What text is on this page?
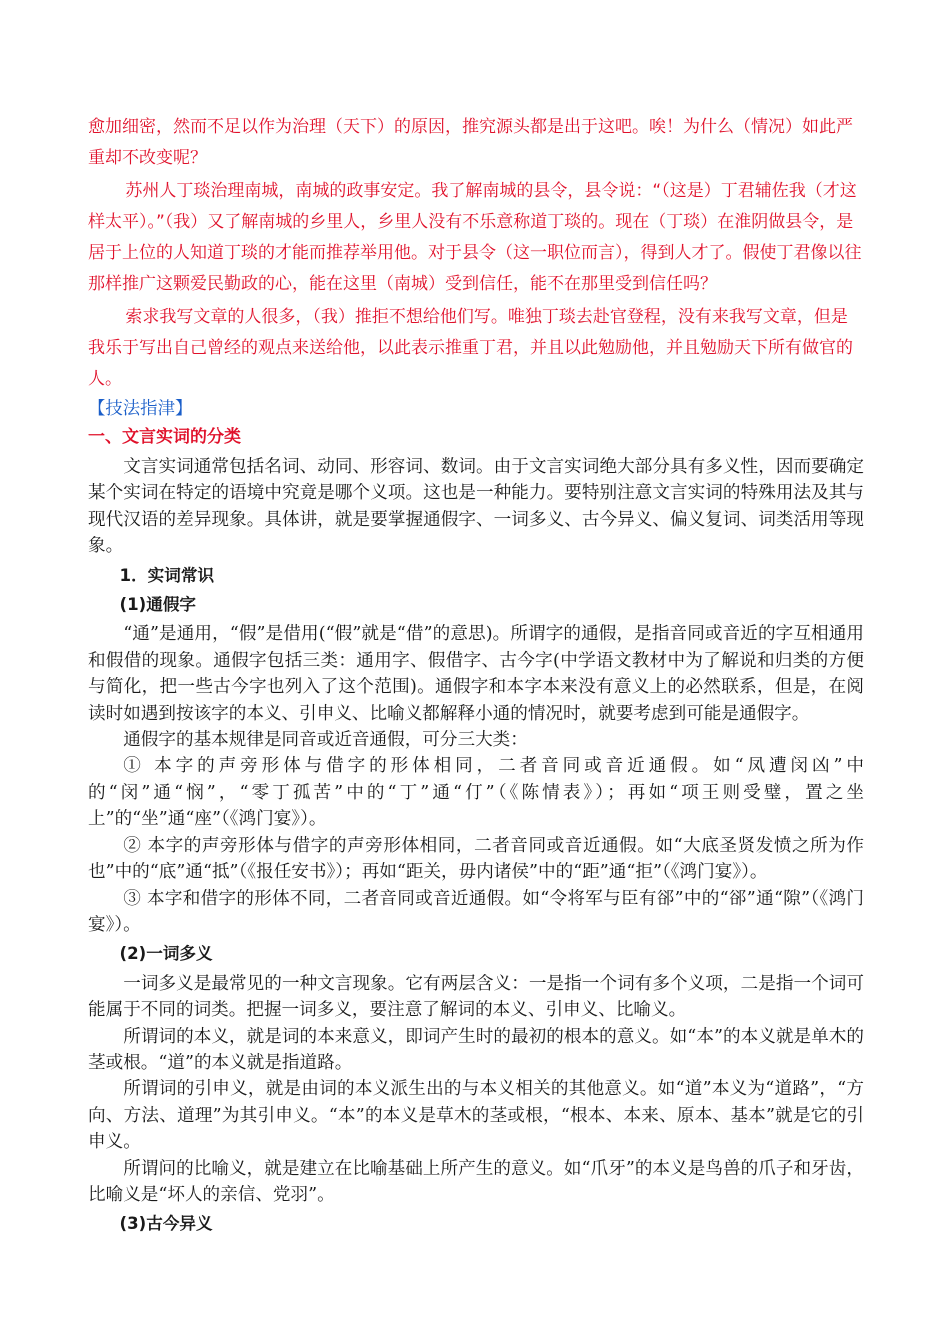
愈加细密，然而不足以作为治理（天下）的原因，推究源头都是出于这吧。唉！为什么（情况）如此严重却不改变呢？

苏州人丁琰治理南城，南城的政事安定。我了解南城的县令，县令说：“（这是）丁君辅佐我（才这样太平）。”（我）又了解南城的乡里人，乡里人没有不乐意称道丁琰的。现在（丁琰）在淮阴做县令，是居于上位的人知道丁琰的才能而推荐举用他。对于县令（这一职位而言），得到人才了。假使丁君像以往那样推广这颗爱民勤政的心，能在这里（南城）受到信任，能不在那里受到信任吗？

索求我写文章的人很多，（我）推拒不想给他们写。唯独丁琰去赴官登程，没有来我写文章，但是我乐于写出自己曾经的观点来送给他，以此表示推重丁君，并且以此勉励他，并且勉励天下所有做官的人。

【技法指津】
一、文言实词的分类

文言实词通常包括名词、动同、形容词、数词。由于文言实词绝大部分具有多义性，因而要确定某个实词在特定的语境中究竟是哪个义项。这也是一种能力。要特别注意文言实词的特殊用法及其与现代汉语的差异现象。具体讲，就是要掌握通假字、一词多义、古今异义、偏义复词、词类活用等现象。

1．实词常识

(1)通假字

“通”是通用，“假”是借用(“假”就是“借”的意思)。所谓字的通假，是指音同或音近的字互相通用和假借的现象。通假字包括三类：通用字、假借字、古今字(中学语文教材中为了解说和归类的方便与简化，把一些古今字也列入了这个范围)。通假字和本字本来没有意义上的必然联系，但是，在阅读时如遇到按该字的本义、引申义、比喻义都解释小通的情况时，就要考虑到可能是通假字。

通假字的基本规律是同音或近音通假，可分三大类：

① 本字的声旁形体与借字的形体相同，二者音同或音近通假。如“凤遭闵凶”中的“闵”通“悯”，“零丁孤苦”中的“丁”通“仃”（《陈情表》）；再如“项王则受璧，置之坐上”的“坐”通“座”（《鸿门宴》）。

② 本字的声旁形体与借字的声旁形体相同，二者音同或音近通假。如“大底圣贤发愤之所为作也”中的“底”通“抵”（《报任安书》）；再如“距关，毋内诸侯”中的“距”通“拒”（《鸿门宴》）。

③ 本字和借字的形体不同，二者音同或音近通假。如“令将军与臣有郤”中的“郤”通“隙”（《鸿门宴》）。

(2)一词多义

一词多义是最常见的一种文言现象。它有两层含义：一是指一个词有多个义项，二是指一个词可能属于不同的词类。把握一词多义，要注意了解词的本义、引申义、比喻义。

所谓词的本义，就是词的本来意义，即词产生时的最初的根本的意义。如“本”的本义就是单木的茎或根。“道”的本义就是指道路。

所谓词的引申义，就是由词的本义派生出的与本义相关的其他意义。如“道”本义为“道路”，“方向、方法、道理”为其引申义。“本”的本义是草木的茎或根，“根本、本来、原本、基本”就是它的引申义。

所谓问的比喻义，就是建立在比喻基础上所产生的意义。如“爪牙”的本义是鸟兽的爪子和牙齿，比喻义是“坏人的亲信、党羽”。

(3)古今异义
